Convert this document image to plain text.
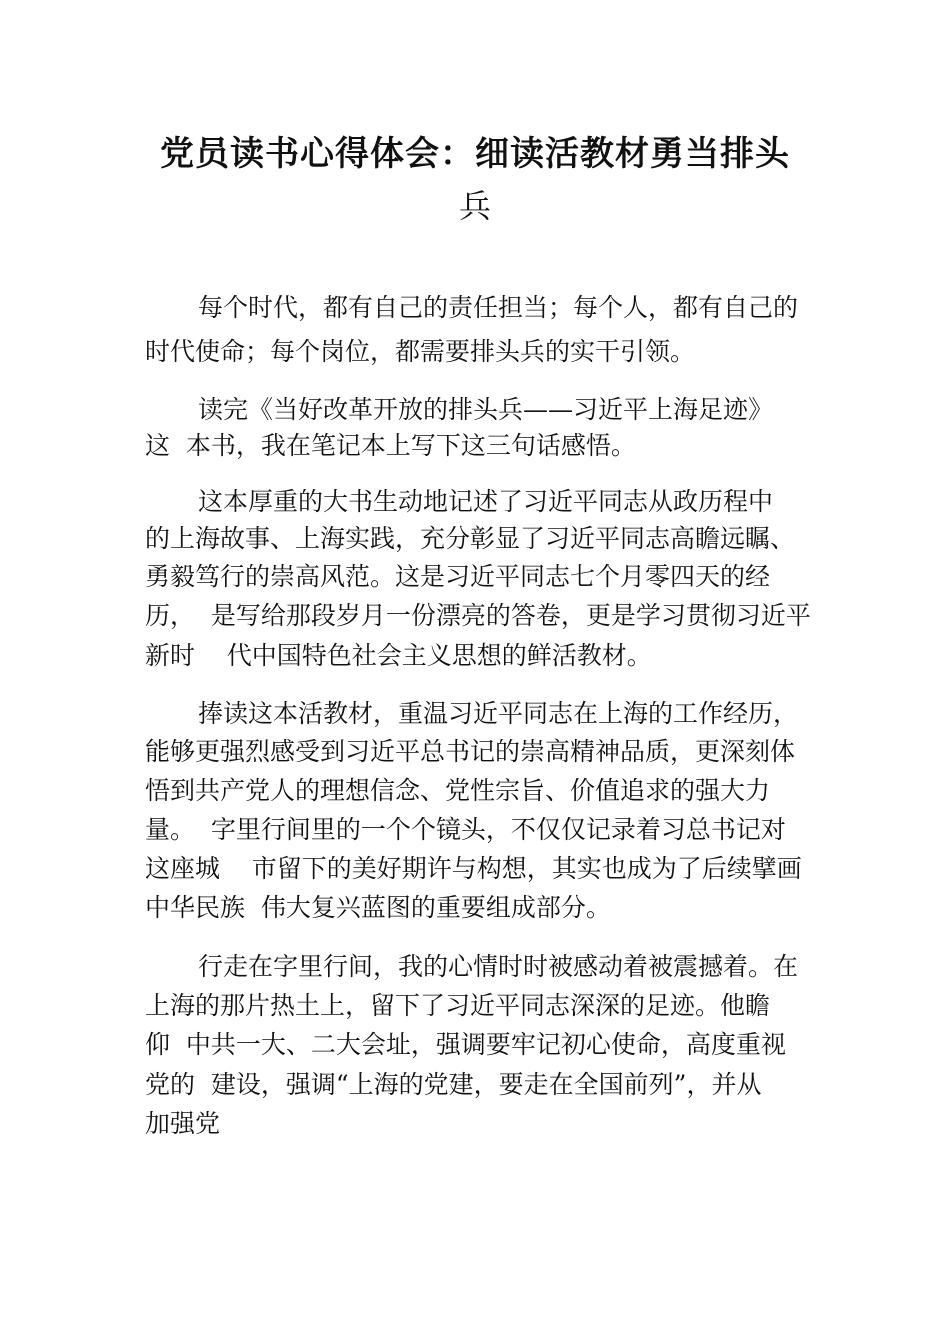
党员读书心得体会：细读活教材勇当排头
兵

每个时代，都有自己的责任担当；每个人，都有自己的

时代使命；每个岗位，都需要排头兵的实干引领。

读完《当好改革开放的排头兵——习近平上海足迹》

这  本书，我在笔记本上写下这三句话感悟。

这本厚重的大书生动地记述了习近平同志从政历程中

的上海故事、上海实践，充分彰显了习近平同志高瞻远瞩、

勇毅笃行的崇高风范。这是习近平同志七个月零四天的经

历，  是写给那段岁月一份漂亮的答卷，更是学习贯彻习近平

新时    代中国特色社会主义思想的鲜活教材。

捧读这本活教材，重温习近平同志在上海的工作经历，

能够更强烈感受到习近平总书记的崇高精神品质，更深刻体

悟到共产党人的理想信念、党性宗旨、价值追求的强大力

量。  字里行间里的一个个镜头，不仅仅记录着习总书记对

这座城    市留下的美好期许与构想，其实也成为了后续擘画

中华民族  伟大复兴蓝图的重要组成部分。

行走在字里行间，我的心情时时被感动着被震撼着。在

上海的那片热土上，留下了习近平同志深深的足迹。他瞻

仰  中共一大、二大会址，强调要牢记初心使命，高度重视

党的  建设，强调“上海的党建，要走在全国前列”，并从

加强党
